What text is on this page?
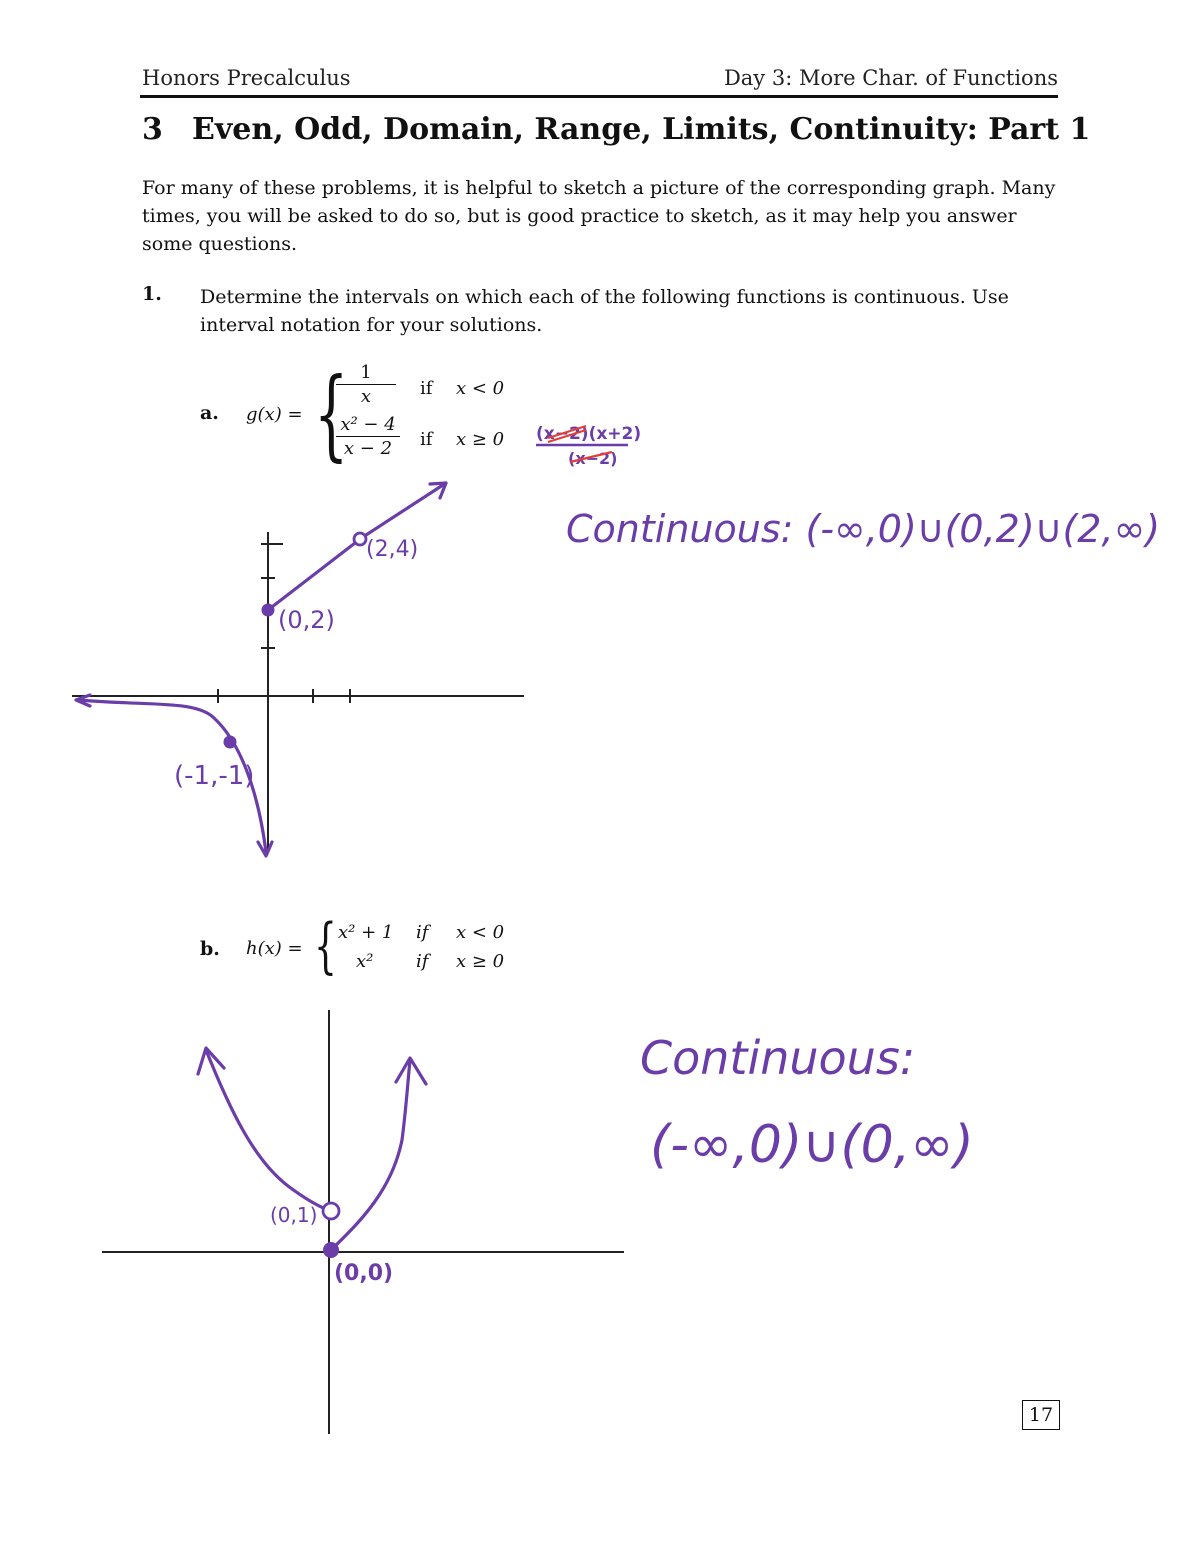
Honors Precalculus	Day 3: More Char. of Functions
3 Even, Odd, Domain, Range, Limits, Continuity: Part 1
For many of these problems, it is helpful to sketch a picture of the corresponding graph. Many times, you will be asked to do so, but is good practice to sketch, as it may help you answer some questions.
1. Determine the intervals on which each of the following functions is continuous. Use interval notation for your solutions.
a. g(x) = {
$\frac{1}{x}$ if x < 0
$\frac{\text{x² − 4}}{x - 2}$ if x ≥ 0
b. h(x) = { x² + 1 if x < 0
x² if x ≥ 0
(x−2)(x+2)
(x−2)
Continuous: (-∞,0)∪(0,2)∪(2,∞)
(2,4)
(0,2)
(-1,-1)
(0,1)
(0,0)
Continuous:
(-∞,0)∪(0,∞)
17
